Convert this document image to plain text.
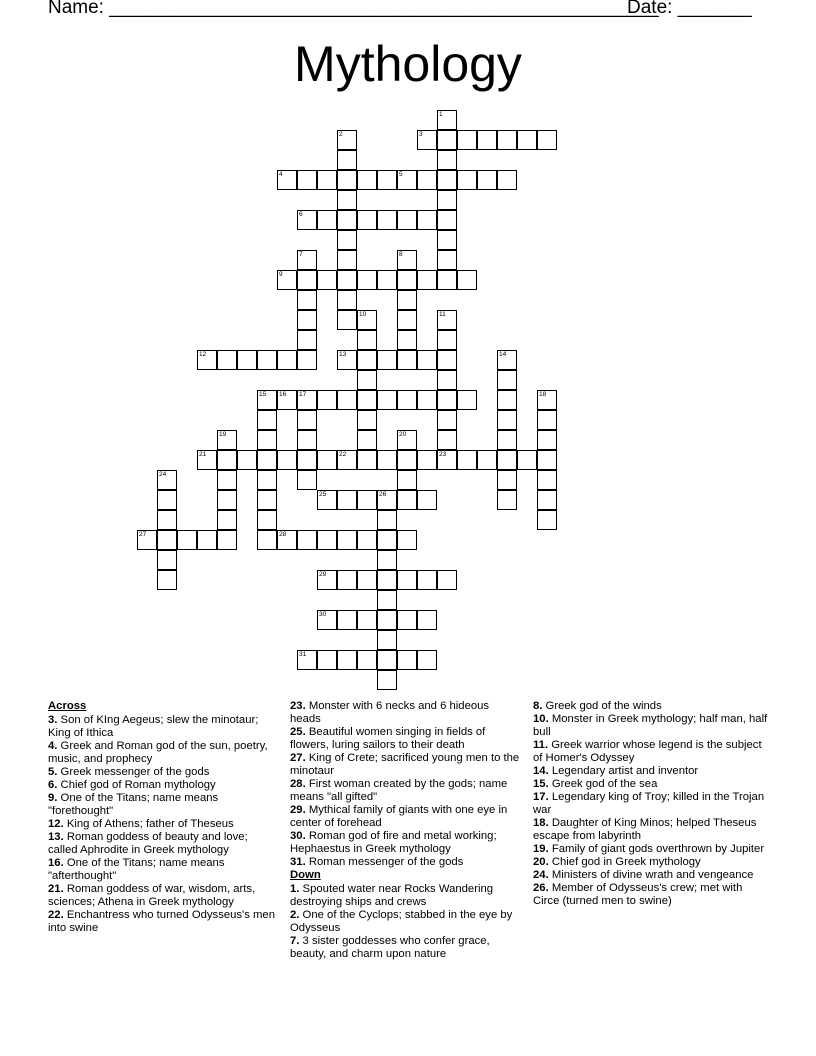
Name: ____________________________________________________
Date: _______
Mythology
1
2	3
4	5
6
7	8
9
10	11
12	13	14
15 16 17	18
19	20
21	22	23
24
25	26
27	28
29
30
31
Across
3. Son of KIng Aegeus; slew the minotaur; King of Ithica
4. Greek and Roman god of the sun, poetry, music, and prophecy
5. Greek messenger of the gods
6. Chief god of Roman mythology
9. One of the Titans; name means "forethought"
12. King of Athens; father of Theseus
13. Roman goddess of beauty and love; called Aphrodite in Greek mythology
16. One of the Titans; name means "afterthought"
21. Roman goddess of war, wisdom, arts, sciences; Athena in Greek mythology
22. Enchantress who turned Odysseus's men into swine
23. Monster with 6 necks and 6 hideous heads
25. Beautiful women singing in fields of flowers, luring sailors to their death
27. King of Crete; sacrificed young men to the minotaur
28. First woman created by the gods; name means "all gifted"
29. Mythical family of giants with one eye in center of forehead
30. Roman god of fire and metal working; Hephaestus in Greek mythology
31. Roman messenger of the gods
Down
1. Spouted water near Rocks Wandering destroying ships and crews
2. One of the Cyclops; stabbed in the eye by Odysseus
7. 3 sister goddesses who confer grace, beauty, and charm upon nature
8. Greek god of the winds
10. Monster in Greek mythology; half man, half bull
11. Greek warrior whose legend is the subject of Homer's Odyssey
14. Legendary artist and inventor
15. Greek god of the sea
17. Legendary king of Troy; killed in the Trojan war
18. Daughter of King Minos; helped Theseus escape from labyrinth
19. Family of giant gods overthrown by Jupiter
20. Chief god in Greek mythology
24. Ministers of divine wrath and vengeance
26. Member of Odysseus's crew; met with Circe (turned men to swine)
